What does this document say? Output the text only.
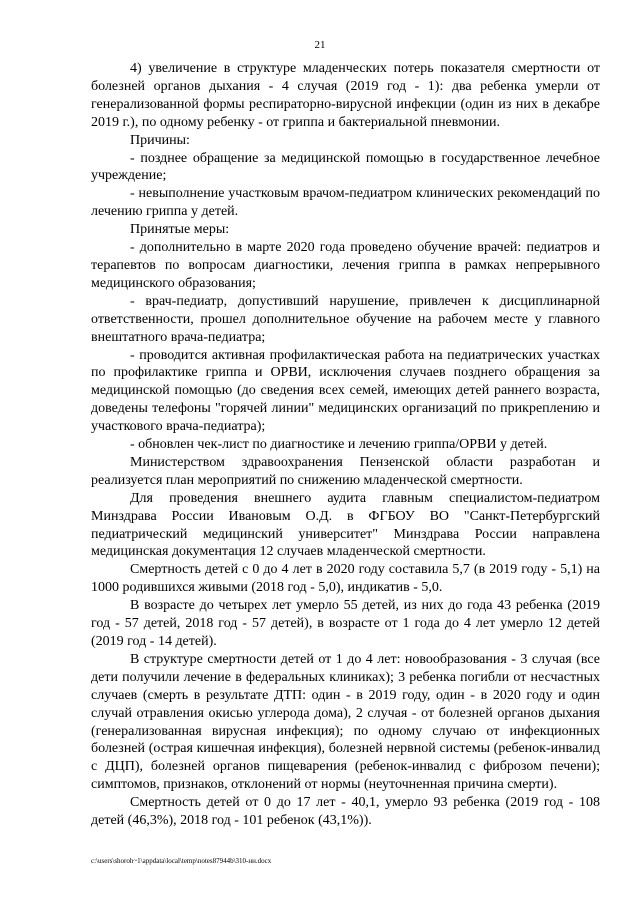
21

4) увеличение в структуре младенческих потерь показателя смертности от болезней органов дыхания - 4 случая (2019 год - 1): два ребенка умерли от генерализованной формы респираторно-вирусной инфекции (один из них в декабре 2019 г.), по одному ребенку - от гриппа и бактериальной пневмонии.

Причины:

- позднее обращение за медицинской помощью в государственное лечебное учреждение;

- невыполнение участковым врачом-педиатром клинических рекомендаций по лечению гриппа у детей.

Принятые меры:

- дополнительно в марте 2020 года проведено обучение врачей: педиатров и терапевтов по вопросам диагностики, лечения гриппа в рамках непрерывного медицинского образования;

- врач-педиатр, допустивший нарушение, привлечен к дисциплинарной ответственности, прошел дополнительное обучение на рабочем месте у главного внештатного врача-педиатра;

- проводится активная профилактическая работа на педиатрических участках по профилактике гриппа и ОРВИ, исключения случаев позднего обращения за медицинской помощью (до сведения всех семей, имеющих детей раннего возраста, доведены телефоны "горячей линии" медицинских организаций по прикреплению и участкового врача-педиатра);

- обновлен чек-лист по диагностике и лечению гриппа/ОРВИ у детей.

Министерством здравоохранения Пензенской области разработан и реализуется план мероприятий по снижению младенческой смертности.

Для проведения внешнего аудита главным специалистом-педиатром Минздрава России Ивановым О.Д. в ФГБОУ ВО "Санкт-Петербургский педиатрический медицинский университет" Минздрава России направлена медицинская документация 12 случаев младенческой смертности.

Смертность детей с 0 до 4 лет в 2020 году составила 5,7 (в 2019 году - 5,1) на 1000 родившихся живыми (2018 год - 5,0), индикатив - 5,0.

В возрасте до четырех лет умерло 55 детей, из них до года 43 ребенка (2019 год - 57 детей, 2018 год - 57 детей), в возрасте от 1 года до 4 лет умерло 12 детей (2019 год - 14 детей).

В структуре смертности детей от 1 до 4 лет: новообразования - 3 случая (все дети получили лечение в федеральных клиниках); 3 ребенка погибли от несчастных случаев (смерть в результате ДТП: один - в 2019 году, один - в 2020 году и один случай отравления окисью углерода дома), 2 случая - от болезней органов дыхания (генерализованная вирусная инфекция); по одному случаю от инфекционных болезней (острая кишечная инфекция), болезней нервной системы (ребенок-инвалид с ДЦП), болезней органов пищеварения (ребенок-инвалид с фиброзом печени); симптомов, признаков, отклонений от нормы (неуточненная причина смерти).

Смертность детей от 0 до 17 лет - 40,1, умерло 93 ребенка (2019 год - 108 детей (46,3%), 2018 год - 101 ребенок (43,1%)).

c:\users\shoroh~1\appdata\local\temp\notes87944b\310-нн.docx
